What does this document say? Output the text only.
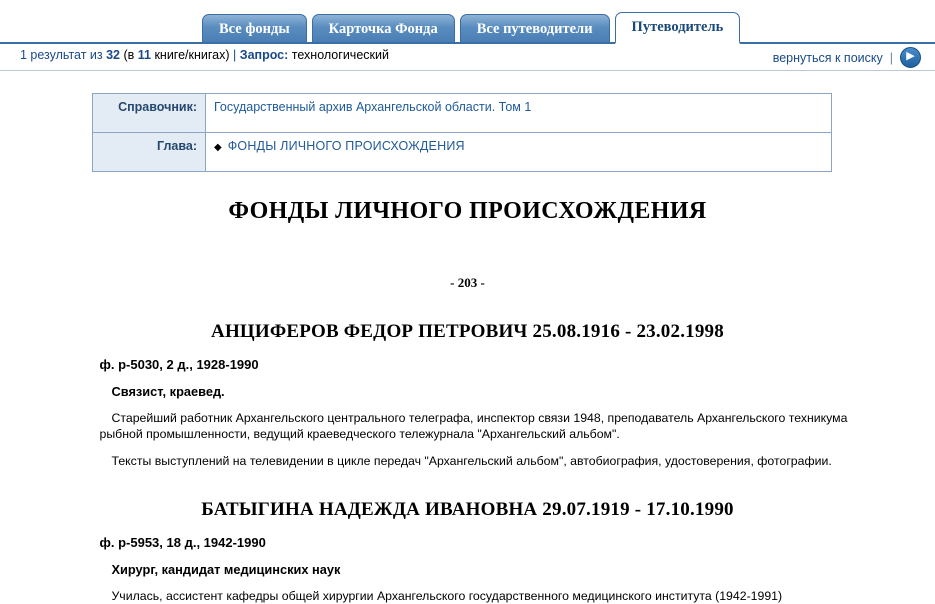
Все фонды	Карточка Фонда	Все путеводители	Путеводитель
1 результат из 32 (в 11 книге/книгах) | Запрос: технологический	вернуться к поиску |	▶
Справочник:	Государственный архив Архангельской области. Том 1
Глава:	◆ ФОНДЫ ЛИЧНОГО ПРОИСХОЖДЕНИЯ
ФОНДЫ ЛИЧНОГО ПРОИСХОЖДЕНИЯ
- 203 -
АНЦИФЕРОВ ФЕДОР ПЕТРОВИЧ 25.08.1916 - 23.02.1998
ф. р-5030, 2 д., 1928-1990
Связист, краевед.
Старейший работник Архангельского центрального телеграфа, инспектор связи 1948, преподаватель Архангельского техникума рыбной промышленности, ведущий краеведческого тележурнала "Архангельский альбом".
Тексты выступлений на телевидении в цикле передач "Архангельский альбом", автобиография, удостоверения, фотографии.
БАТЫГИНА НАДЕЖДА ИВАНОВНА 29.07.1919 - 17.10.1990
ф. р-5953, 18 д., 1942-1990
Хирург, кандидат медицинских наук
Училась, ассистент кафедры общей хирургии Архангельского государственного медицинского института (1942-1991)
